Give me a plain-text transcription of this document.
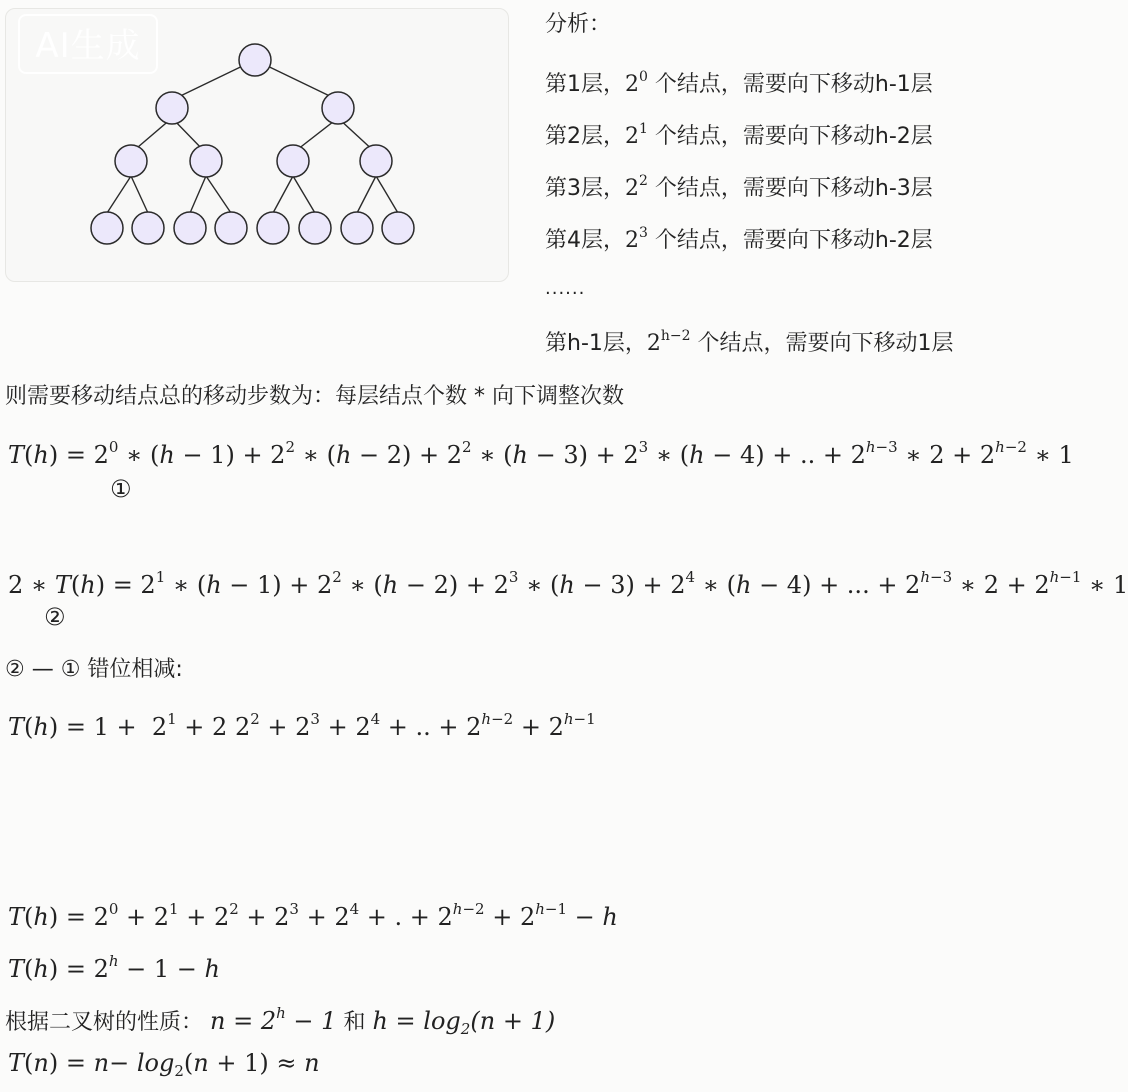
AI生成
分析：
第1层，$2^0$ 个结点，需要向下移动h-1层
第2层，$2^1$ 个结点，需要向下移动h-2层
第3层，$2^2$ 个结点，需要向下移动h-3层
第4层，$2^3$ 个结点，需要向下移动h-2层
......
第h-1层，$2^{h-2}$ 个结点，需要向下移动1层
则需要移动结点总的移动步数为：每层结点个数 * 向下调整次数
$T(h) = 2^0$ ∗ $(h - 1) + 2^2$ ∗ $(h - 2) + 2^2$ ∗ $(h - 3) + 2^3$ ∗ (h − 4) + .. + $2^{h-3}$ ∗ $2 + 2^{h-2}$ ∗ 1
①
2 ∗ $T(h) = 2^1$ ∗ $(h - 1) + 2^2$ ∗ $(h - 2) + 2^3$ ∗ $(h - 3) + 2^4$ ∗ (h − 4) + ... + $2^{h-3}$ ∗ $2 + 2^{h-1}$ ∗ 1
②
② — ① 错位相减:
$T(h) = 1 + 2^1 + 2$ $2^2 + 2^3 + 2^4$ + .. + $2^{h-2} + 2^{h-1}$
$T(h) = 2^0 + 2^1 + 2^2 + 2^3 + 2^4$ + . + $2^{h-2} + 2^{h-1} - h$
$T(h) = 2^h - 1 - h$
根据二叉树的性质： $n = 2^h - 1$ 和 $h = \log_2(n + 1)$
$T(n) = n- \log_2(n + 1) \approx n$
